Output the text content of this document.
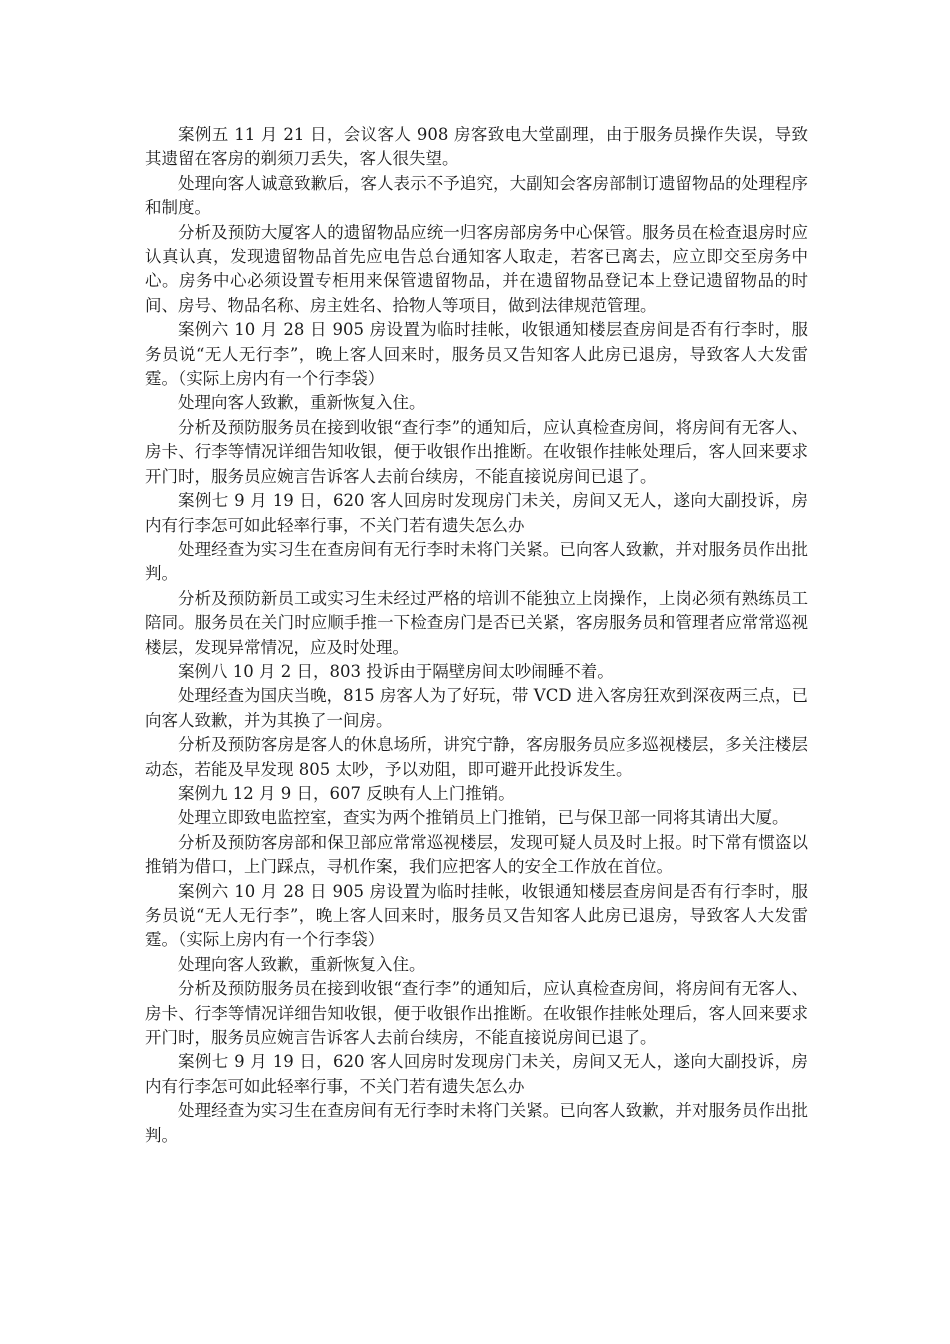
案例五 11 月 21 日，会议客人 908 房客致电大堂副理，由于服务员操作失误，导致其遗留在客房的剃须刀丢失，客人很失望。

处理向客人诚意致歉后，客人表示不予追究，大副知会客房部制订遗留物品的处理程序和制度。

分析及预防大厦客人的遗留物品应统一归客房部房务中心保管。服务员在检查退房时应认真认真，发现遗留物品首先应电告总台通知客人取走，若客已离去，应立即交至房务中心。房务中心必须设置专柜用来保管遗留物品，并在遗留物品登记本上登记遗留物品的时间、房号、物品名称、房主姓名、拾物人等项目，做到法律规范管理。

案例六 10 月 28 日 905 房设置为临时挂帐，收银通知楼层查房间是否有行李时，服务员说“无人无行李”，晚上客人回来时，服务员又告知客人此房已退房，导致客人大发雷霆。（实际上房内有一个行李袋）

处理向客人致歉，重新恢复入住。

分析及预防服务员在接到收银“查行李”的通知后，应认真检查房间，将房间有无客人、房卡、行李等情况详细告知收银，便于收银作出推断。在收银作挂帐处理后，客人回来要求开门时，服务员应婉言告诉客人去前台续房，不能直接说房间已退了。

案例七 9 月 19 日，620 客人回房时发现房门未关，房间又无人，遂向大副投诉，房内有行李怎可如此轻率行事，不关门若有遗失怎么办

处理经查为实习生在查房间有无行李时未将门关紧。已向客人致歉，并对服务员作出批判。

分析及预防新员工或实习生未经过严格的培训不能独立上岗操作，上岗必须有熟练员工陪同。服务员在关门时应顺手推一下检查房门是否已关紧，客房服务员和管理者应常常巡视楼层，发现异常情况，应及时处理。

案例八 10 月 2 日，803 投诉由于隔壁房间太吵闹睡不着。

处理经查为国庆当晚，815 房客人为了好玩，带 VCD 进入客房狂欢到深夜两三点，已向客人致歉，并为其换了一间房。

分析及预防客房是客人的休息场所，讲究宁静，客房服务员应多巡视楼层，多关注楼层动态，若能及早发现 805 太吵，予以劝阻，即可避开此投诉发生。

案例九 12 月 9 日，607 反映有人上门推销。

处理立即致电监控室，查实为两个推销员上门推销，已与保卫部一同将其请出大厦。

分析及预防客房部和保卫部应常常巡视楼层，发现可疑人员及时上报。时下常有惯盗以推销为借口，上门踩点，寻机作案，我们应把客人的安全工作放在首位。

案例六 10 月 28 日 905 房设置为临时挂帐，收银通知楼层查房间是否有行李时，服务员说“无人无行李”，晚上客人回来时，服务员又告知客人此房已退房，导致客人大发雷霆。（实际上房内有一个行李袋）

处理向客人致歉，重新恢复入住。

分析及预防服务员在接到收银“查行李”的通知后，应认真检查房间，将房间有无客人、房卡、行李等情况详细告知收银，便于收银作出推断。在收银作挂帐处理后，客人回来要求开门时，服务员应婉言告诉客人去前台续房，不能直接说房间已退了。

案例七 9 月 19 日，620 客人回房时发现房门未关，房间又无人，遂向大副投诉，房内有行李怎可如此轻率行事，不关门若有遗失怎么办

处理经查为实习生在查房间有无行李时未将门关紧。已向客人致歉，并对服务员作出批判。
